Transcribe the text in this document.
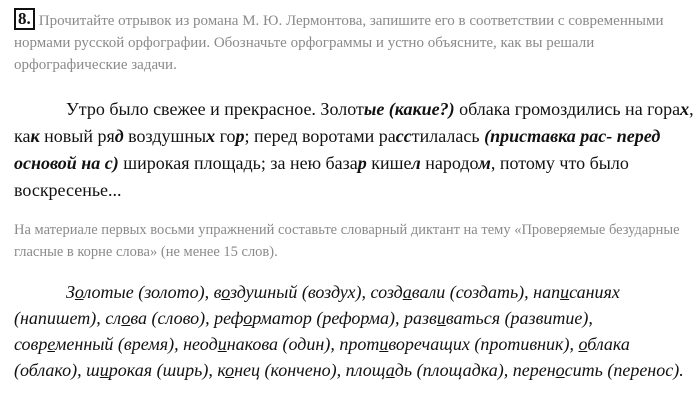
8. Прочитайте отрывок из романа М. Ю. Лермонтова, запишите его в соответствии с современными нормами русской орфографии. Обозначьте орфограммы и устно объясните, как вы решали орфографические задачи.
Утро было свежее и прекрасное. Золотые (какие?) облака громоздились на горах, как новый ряд воздушных гор; перед воротами расстилалась (приставка рас- перед основой на с) широкая площадь; за нею базар кишел народом, потому что было воскресенье...
На материале первых восьми упражнений составьте словарный диктант на тему «Проверяемые безударные гласные в корне слова» (не менее 15 слов).
Золотые (золото), воздушный (воздух), создавали (создать), написаниях (напишет), слова (слово), реформатор (реформа), развиваться (развитие), современный (время), неодинакова (один), противоречащих (противник), облака (облако), широкая (ширь), конец (кончено), площадь (площадка), переносить (перенос).
